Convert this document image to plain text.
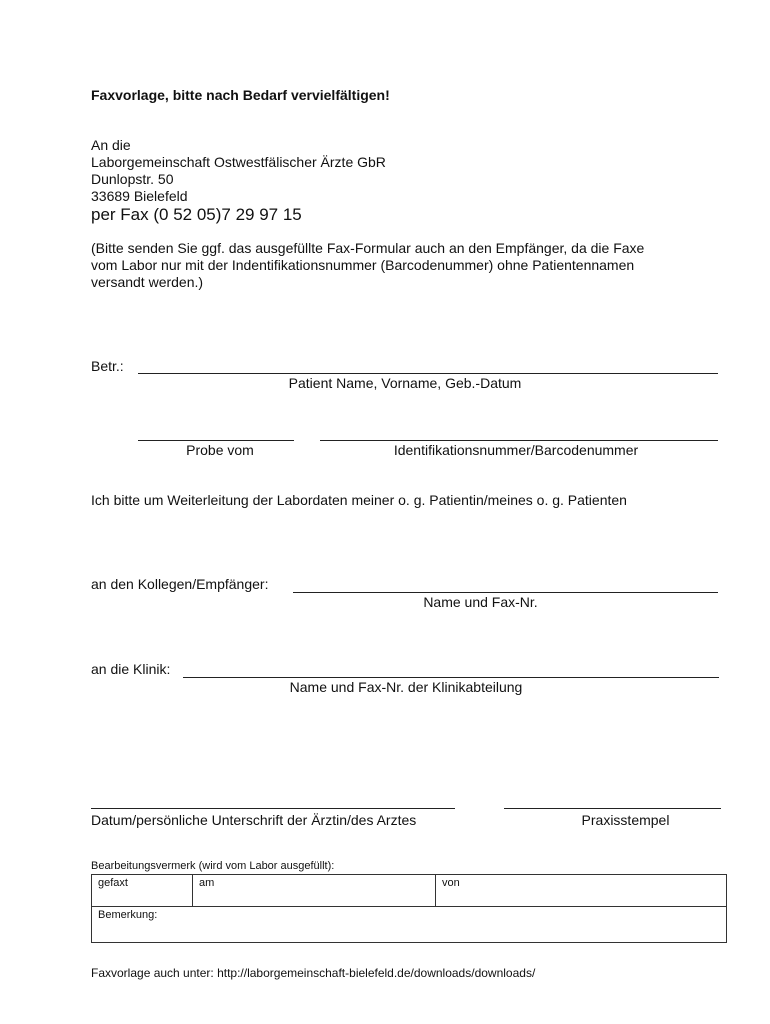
Faxvorlage, bitte nach Bedarf vervielfältigen!
An die
Laborgemeinschaft Ostwestfälischer Ärzte GbR
Dunlopstr. 50
33689 Bielefeld
per Fax (0 52 05)7 29 97 15
(Bitte senden Sie ggf. das ausgefüllte Fax-Formular auch an den Empfänger, da die Faxe
vom Labor nur mit der Indentifikationsnummer (Barcodenummer) ohne Patientennamen
versandt werden.)
Betr.:
Patient Name, Vorname, Geb.-Datum
Probe vom	Identifikationsnummer/Barcodenummer
Ich bitte um Weiterleitung der Labordaten meiner o. g. Patientin/meines o. g. Patienten
an den Kollegen/Empfänger:
Name und Fax-Nr.
an die Klinik:
Name und Fax-Nr. der Klinikabteilung
Datum/persönliche Unterschrift der Ärztin/des Arztes	Praxisstempel
Bearbeitungsvermerk (wird vom Labor ausgefüllt):
gefaxt	am	von
Bemerkung:
Faxvorlage auch unter: http://laborgemeinschaft-bielefeld.de/downloads/downloads/
